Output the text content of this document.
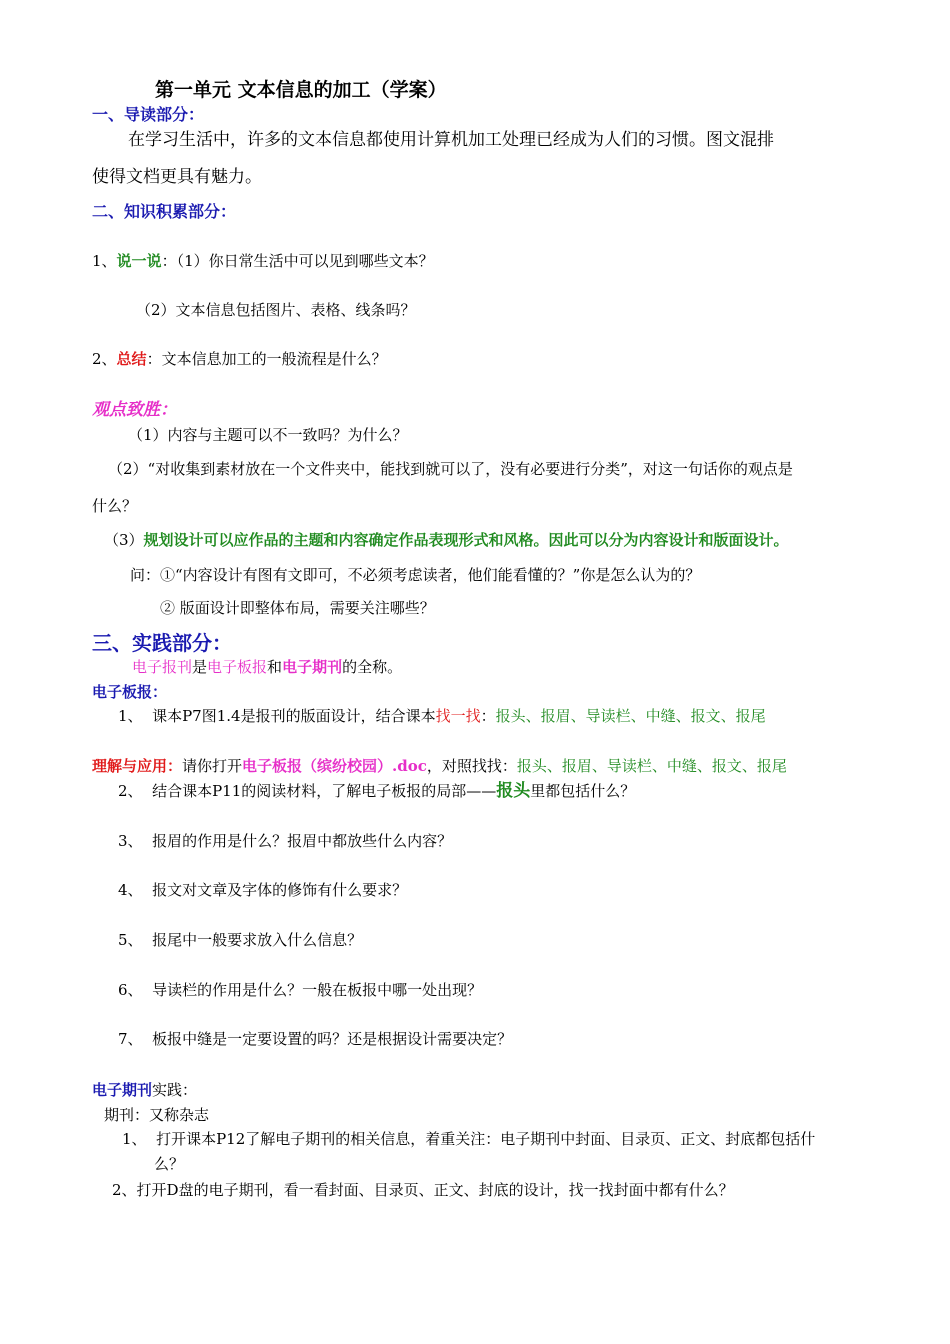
第一单元 文本信息的加工（学案）
一、导读部分：
在学习生活中，许多的文本信息都使用计算机加工处理已经成为人们的习惯。图文混排
使得文档更具有魅力。
二、知识积累部分：
1、说一说：（1）你日常生活中可以见到哪些文本？
（2）文本信息包括图片、表格、线条吗？
2、总结：文本信息加工的一般流程是什么？
观点致胜：
（1）内容与主题可以不一致吗？为什么？
（2）“对收集到素材放在一个文件夹中，能找到就可以了，没有必要进行分类”，对这一句话你的观点是
什么？
（3）规划设计可以应作品的主题和内容确定作品表现形式和风格。因此可以分为内容设计和版面设计。
问：①“内容设计有图有文即可，不必须考虑读者，他们能看懂的？”你是怎么认为的？
② 版面设计即整体布局，需要关注哪些？
三、实践部分：
电子报刊是电子板报和电子期刊的全称。
电子板报：
1、 课本P7图1.4是报刊的版面设计，结合课本找一找：报头、报眉、导读栏、中缝、报文、报尾
理解与应用：请你打开电子板报（缤纷校园）.doc，对照找找：报头、报眉、导读栏、中缝、报文、报尾
2、 结合课本P11的阅读材料，了解电子板报的局部——报头里都包括什么？
3、 报眉的作用是什么？报眉中都放些什么内容？
4、 报文对文章及字体的修饰有什么要求？
5、 报尾中一般要求放入什么信息？
6、 导读栏的作用是什么？一般在板报中哪一处出现？
7、 板报中缝是一定要设置的吗？还是根据设计需要决定？
电子期刊实践：
期刊：又称杂志
1、 打开课本P12了解电子期刊的相关信息，着重关注：电子期刊中封面、目录页、正文、封底都包括什
么？
2、打开D盘的电子期刊，看一看封面、目录页、正文、封底的设计，找一找封面中都有什么？
